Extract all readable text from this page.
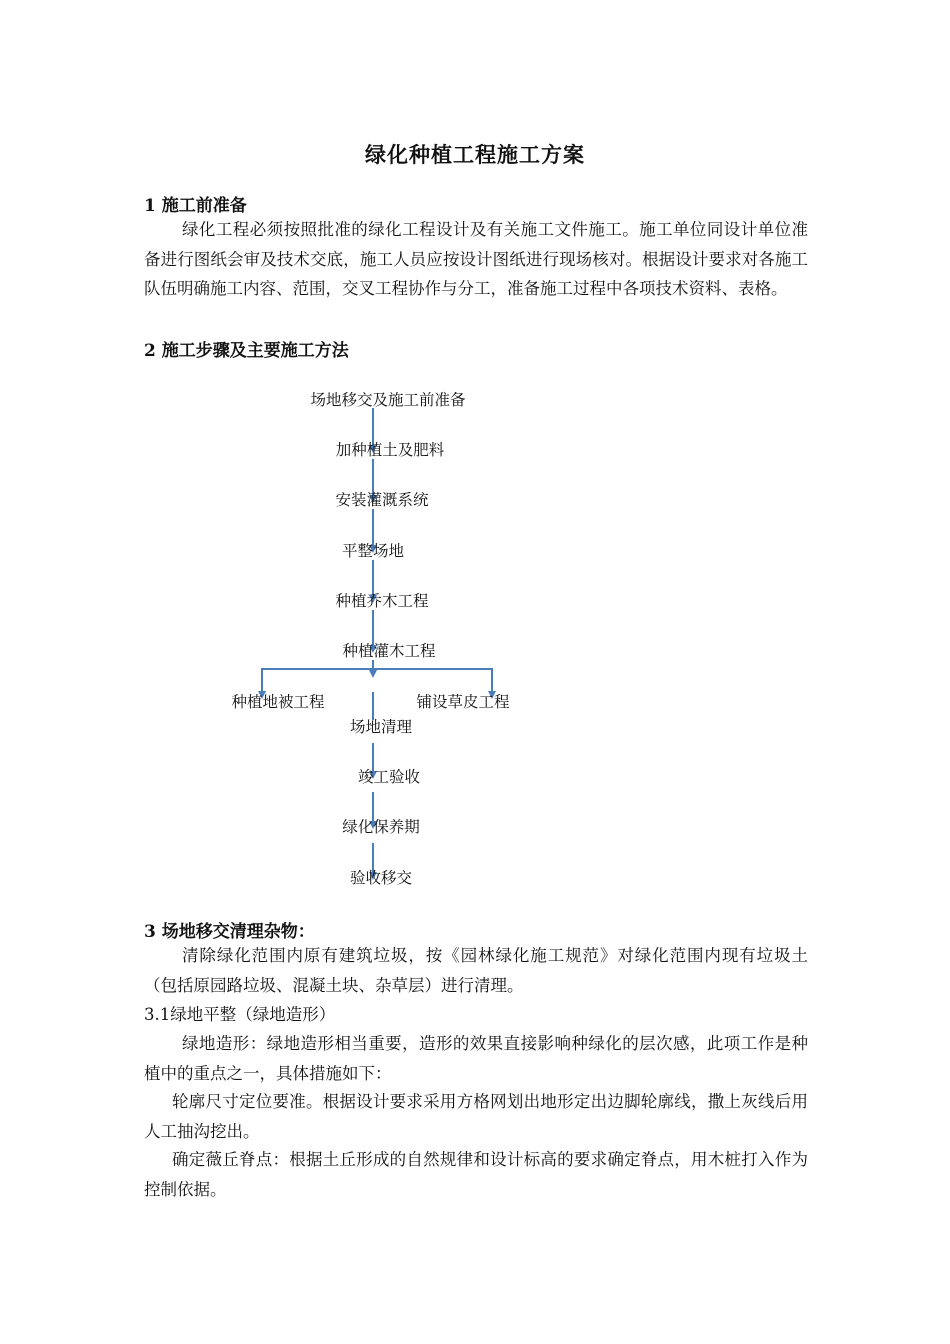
绿化种植工程施工方案
1 施工前准备
绿化工程必须按照批准的绿化工程设计及有关施工文件施工。施工单位同设计单位准备进行图纸会审及技术交底，施工人员应按设计图纸进行现场核对。根据设计要求对各施工队伍明确施工内容、范围，交叉工程协作与分工，准备施工过程中各项技术资料、表格。
2 施工步骤及主要施工方法
场地移交及施工前准备
加种植土及肥料
安装灌溉系统
平整场地
种植乔木工程
种植灌木工程
种植地被工程	铺设草皮工程
场地清理
竣工验收
绿化保养期
验收移交
3 场地移交清理杂物：
清除绿化范围内原有建筑垃圾，按《园林绿化施工规范》对绿化范围内现有垃圾土（包括原园路垃圾、混凝土块、杂草层）进行清理。
3.1绿地平整（绿地造形）
绿地造形：绿地造形相当重要，造形的效果直接影响种绿化的层次感，此项工作是种植中的重点之一，具体措施如下：
轮廓尺寸定位要准。根据设计要求采用方格网划出地形定出边脚轮廓线，撒上灰线后用人工抽沟挖出。
确定薇丘脊点：根据土丘形成的自然规律和设计标高的要求确定脊点，用木桩打入作为控制依据。
